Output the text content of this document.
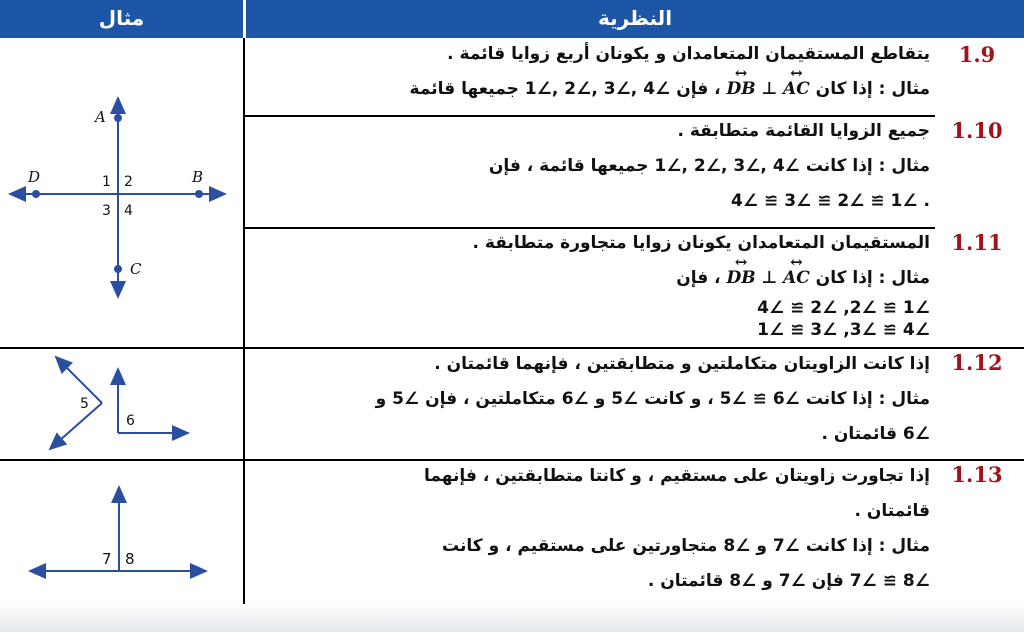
مثال	النظرية
1.9
يتقاطع المستقيمان المتعامدان و يكونان أربع زوايا قائمة .
مثال : إذا كان ↔ AC ⊥ ↔ DB ، فإن ∠4 ,∠3 ,∠2 ,∠1 جميعها قائمة
1.10
جميع الزوايا القائمة متطابقة .
مثال : إذا كانت ∠4 ,∠3 ,∠2 ,∠1 جميعها قائمة ، فإن
. ∠1 ≅ ∠2 ≅ ∠3 ≅ ∠4
1.11
المستقيمان المتعامدان يكونان زوايا متجاورة متطابقة .
مثال : إذا كان ↔ AC ⊥ ↔ DB ، فإن
∠1 ≅ ∠2, ∠2 ≅ ∠4
∠4 ≅ ∠3, ∠3 ≅ ∠1
1.12
إذا كانت الزاويتان متكاملتين و متطابقتين ، فإنهما قائمتان .
مثال : إذا كانت ∠6 ≅ ∠5 ، و كانت ∠5 و ∠6 متكاملتين ، فإن ∠5 و
∠6 قائمتان .
1.13
إذا تجاورت زاويتان على مستقيم ، و كانتا متطابقتين ، فإنهما
قائمتان .
مثال : إذا كانت ∠7 و ∠8 متجاورتين على مستقيم ، و كانت
∠8 ≅ ∠7 فإن ∠7 و ∠8 قائمتان .
A
B
C
D	1 2
3 4
5
6
7 8
